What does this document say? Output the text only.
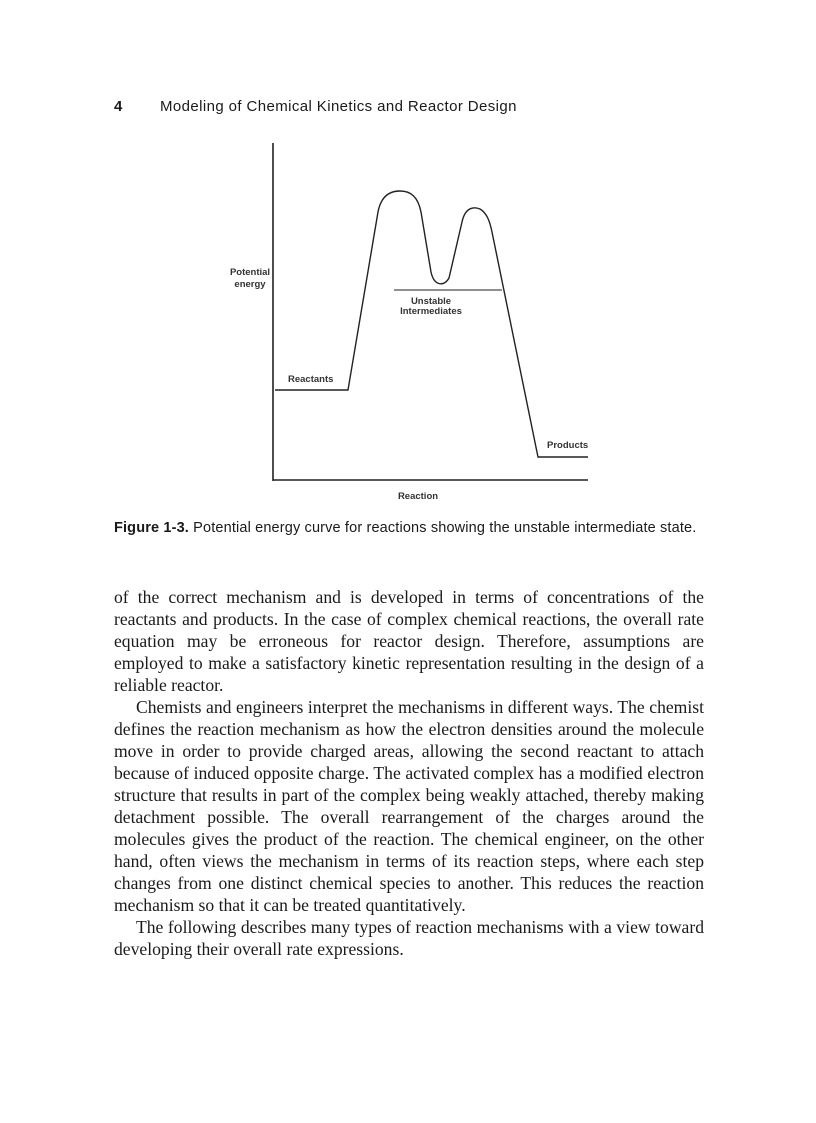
4 Modeling of Chemical Kinetics and Reactor Design
Potential
energy
Reactants
Unstable
Intermediates
Products
Reaction
Figure 1-3. Potential energy curve for reactions showing the unstable intermediate state.

of the correct mechanism and is developed in terms of concentrations of the reactants and products. In the case of complex chemical reactions, the overall rate equation may be erroneous for reactor design. Therefore, assumptions are employed to make a satisfactory kinetic representation resulting in the design of a reliable reactor.

Chemists and engineers interpret the mechanisms in different ways. The chemist defines the reaction mechanism as how the electron densities around the molecule move in order to provide charged areas, allowing the second reactant to attach because of induced opposite charge. The activated complex has a modified electron structure that results in part of the complex being weakly attached, thereby making detachment possible. The overall rearrangement of the charges around the molecules gives the product of the reaction. The chemical engineer, on the other hand, often views the mechanism in terms of its reaction steps, where each step changes from one distinct chemical species to another. This reduces the reaction mechanism so that it can be treated quantitatively.

The following describes many types of reaction mechanisms with a view toward developing their overall rate expressions.
